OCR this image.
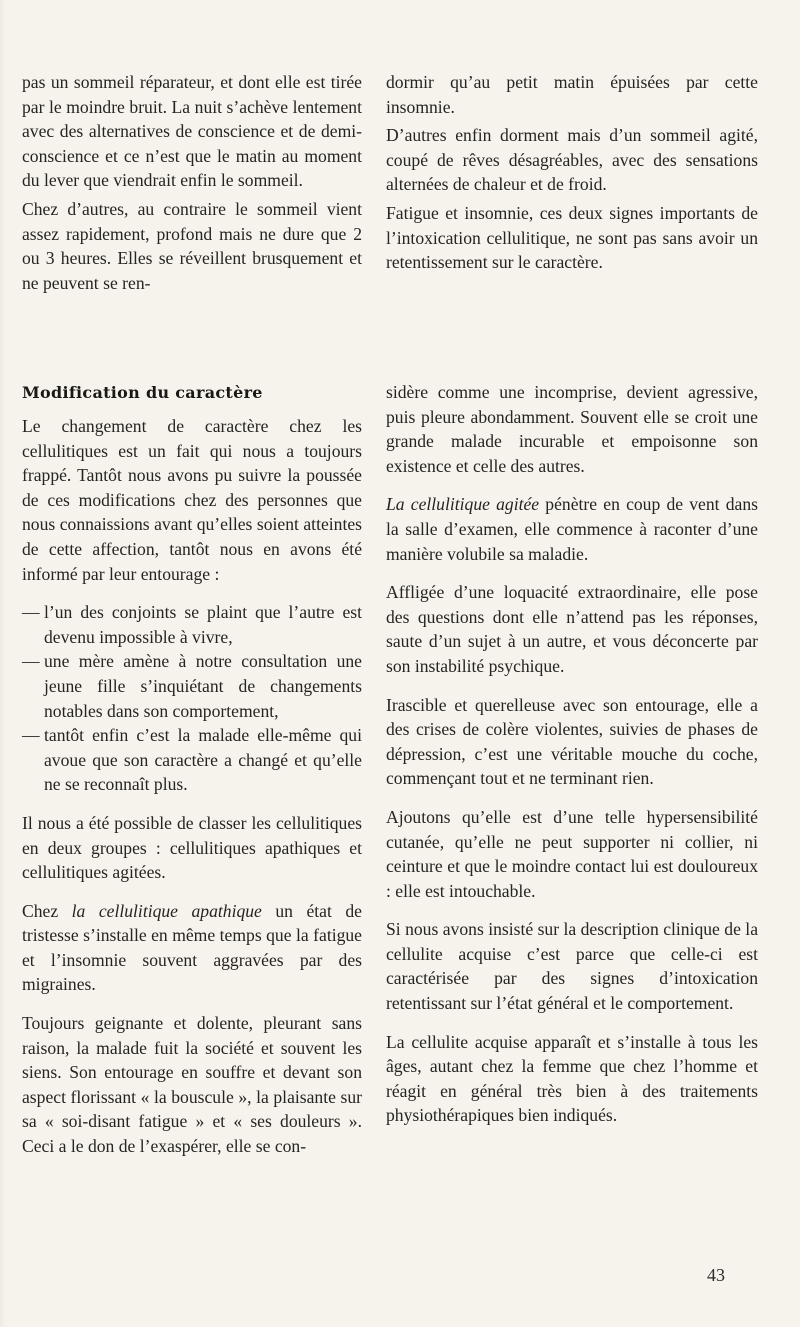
pas un sommeil réparateur, et dont elle est tirée par le moindre bruit. La nuit s’achève lentement avec des alternatives de conscience et de demi-conscience et ce n’est que le matin au moment du lever que viendrait enfin le sommeil.

Chez d’autres, au contraire le sommeil vient assez rapidement, profond mais ne dure que 2 ou 3 heures. Elles se réveillent brusquement et ne peuvent se ren-

Modification du caractère

Le changement de caractère chez les cellulitiques est un fait qui nous a toujours frappé. Tantôt nous avons pu suivre la poussée de ces modifications chez des personnes que nous connaissions avant qu’elles soient atteintes de cette affection, tantôt nous en avons été informé par leur entourage :

— l’un des conjoints se plaint que l’autre est devenu impossible à vivre,
— une mère amène à notre consultation une jeune fille s’inquiétant de changements notables dans son comportement,
— tantôt enfin c’est la malade elle-même qui avoue que son caractère a changé et qu’elle ne se reconnaît plus.

Il nous a été possible de classer les cellulitiques en deux groupes : cellulitiques apathiques et cellulitiques agitées.

Chez la cellulitique apathique un état de tristesse s’installe en même temps que la fatigue et l’insomnie souvent aggravées par des migraines.

Toujours geignante et dolente, pleurant sans raison, la malade fuit la société et souvent les siens. Son entourage en souffre et devant son aspect florissant « la bouscule », la plaisante sur sa « soi-disant fatigue » et « ses douleurs ». Ceci a le don de l’exaspérer, elle se con-

dormir qu’au petit matin épuisées par cette insomnie.

D’autres enfin dorment mais d’un sommeil agité, coupé de rêves désagréables, avec des sensations alternées de chaleur et de froid.

Fatigue et insomnie, ces deux signes importants de l’intoxication cellulitique, ne sont pas sans avoir un retentissement sur le caractère.

sidère comme une incomprise, devient agressive, puis pleure abondamment. Souvent elle se croit une grande malade incurable et empoisonne son existence et celle des autres.

La cellulitique agitée pénètre en coup de vent dans la salle d’examen, elle commence à raconter d’une manière volubile sa maladie.

Affligée d’une loquacité extraordinaire, elle pose des questions dont elle n’attend pas les réponses, saute d’un sujet à un autre, et vous déconcerte par son instabilité psychique.

Irascible et querelleuse avec son entourage, elle a des crises de colère violentes, suivies de phases de dépression, c’est une véritable mouche du coche, commençant tout et ne terminant rien.

Ajoutons qu’elle est d’une telle hypersensibilité cutanée, qu’elle ne peut supporter ni collier, ni ceinture et que le moindre contact lui est douloureux : elle est intouchable.

Si nous avons insisté sur la description clinique de la cellulite acquise c’est parce que celle-ci est caractérisée par des signes d’intoxication retentissant sur l’état général et le comportement.

La cellulite acquise apparaît et s’installe à tous les âges, autant chez la femme que chez l’homme et réagit en général très bien à des traitements physiothérapiques bien indiqués.

43
